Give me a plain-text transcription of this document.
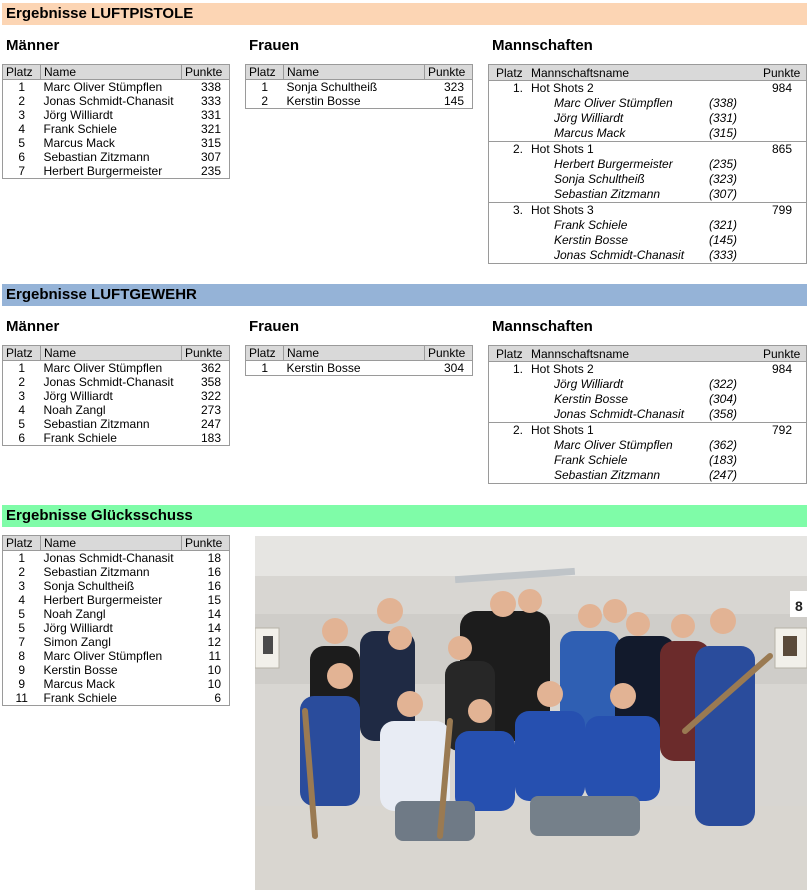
Ergebnisse LUFTPISTOLE
Männer	Frauen	Mannschaften
Platz	Name	Punkte
1	Marc Oliver Stümpflen	338
2	Jonas Schmidt-Chanasit	333
3	Jörg Williardt	331
4	Frank Schiele	321
5	Marcus Mack	315
6	Sebastian Zitzmann	307
7	Herbert Burgermeister	235
Platz	Name	Punkte
1	Sonja Schultheiß	323
2	Kerstin Bosse	145
Platz Mannschaftsname	Punkte
1. Hot Shots 2	984
Marc Oliver Stümpflen	(338)
Jörg Williardt	(331)
Marcus Mack	(315)
2. Hot Shots 1	865
Herbert Burgermeister	(235)
Sonja Schultheiß	(323)
Sebastian Zitzmann	(307)
3. Hot Shots 3	799
Frank Schiele	(321)
Kerstin Bosse	(145)
Jonas Schmidt-Chanasit (333)
Ergebnisse LUFTGEWEHR
Männer	Frauen	Mannschaften
Platz	Name	Punkte
1	Marc Oliver Stümpflen	362
2	Jonas Schmidt-Chanasit	358
3	Jörg Williardt	322
4	Noah Zangl	273
5	Sebastian Zitzmann	247
6	Frank Schiele	183
Platz	Name	Punkte
1	Kerstin Bosse	304
Platz Mannschaftsname	Punkte
1. Hot Shots 2	984
Jörg Williardt	(322)
Kerstin Bosse	(304)
Jonas Schmidt-Chanasit (358)
2. Hot Shots 1	792
Marc Oliver Stümpflen	(362)
Frank Schiele	(183)
Sebastian Zitzmann	(247)
Ergebnisse Glücksschuss
Platz	Name	Punkte
1	Jonas Schmidt-Chanasit	18
2	Sebastian Zitzmann	16
3	Sonja Schultheiß	16
4	Herbert Burgermeister	15
5	Noah Zangl	14
5	Jörg Williardt	14
7	Simon Zangl	12
8	Marc Oliver Stümpflen	11
9	Kerstin Bosse	10
9	Marcus Mack	10
11	Frank Schiele	6
8
